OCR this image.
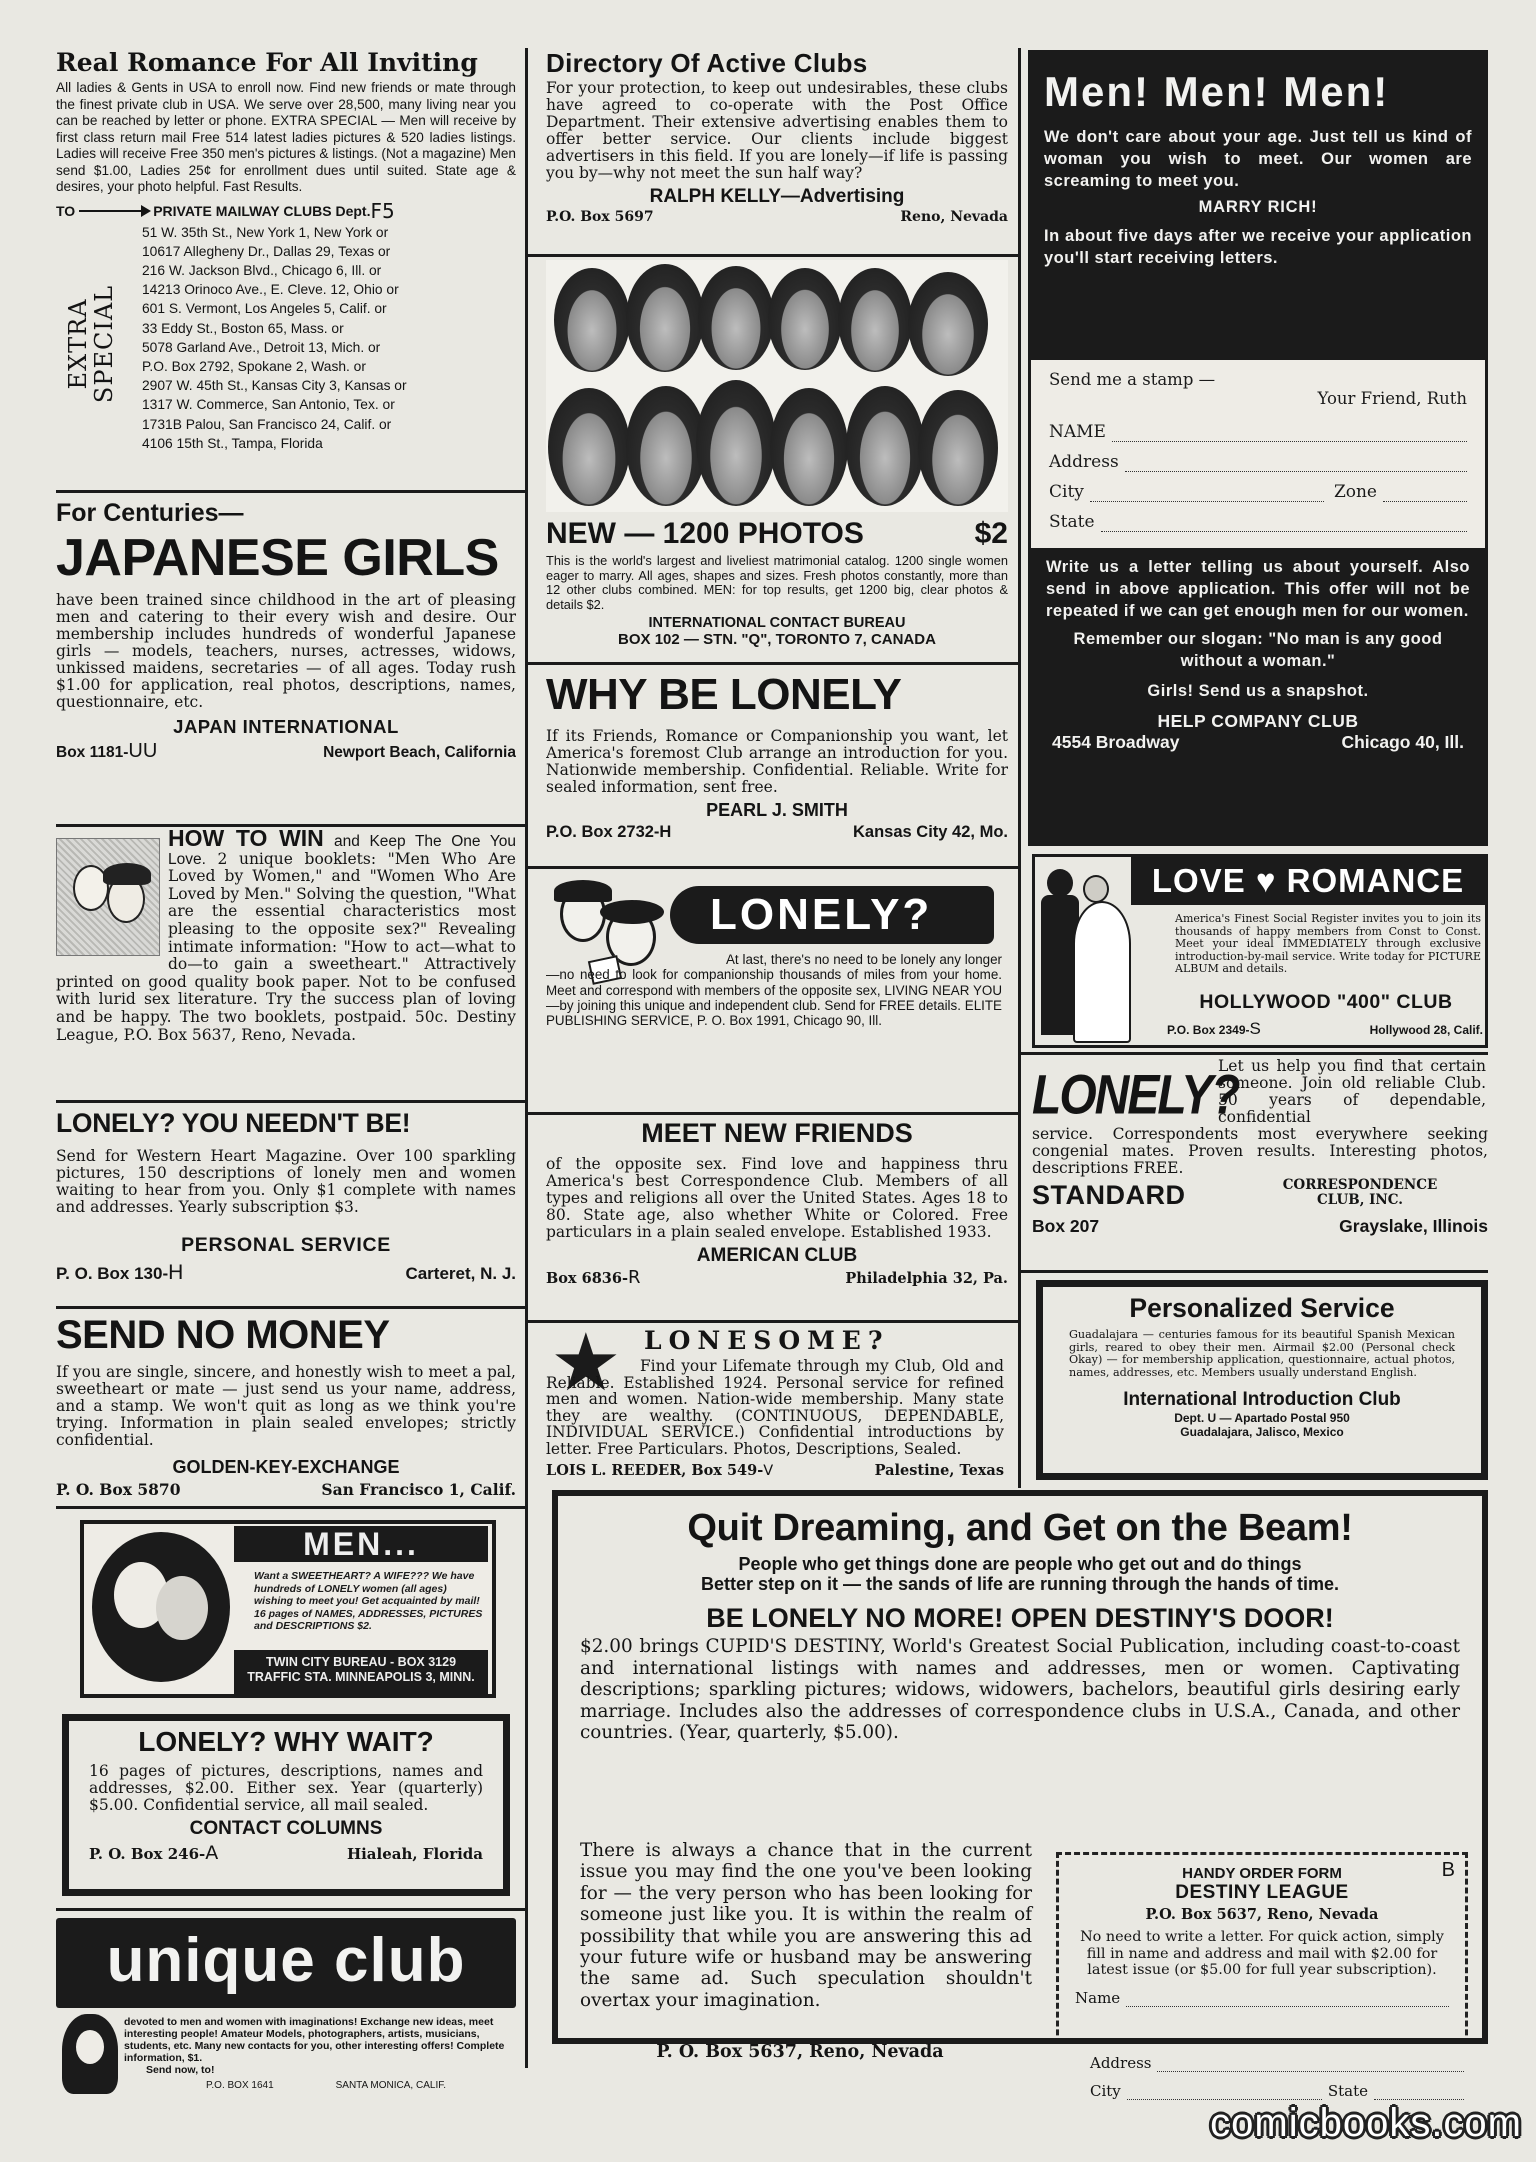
Real Romance For All Inviting
All ladies & Gents in USA to enroll now. Find new friends or mate through the finest private club in USA. We serve over 28,500, many living near you can be reached by letter or phone. EXTRA SPECIAL — Men will receive by first class return mail Free 514 latest ladies pictures & 520 ladies listings. Ladies will receive Free 350 men's pictures & listings. (Not a magazine) Men send $1.00, Ladies 25¢ for enrollment dues until suited. State age & desires, your photo helpful. Fast Results.
TO	PRIVATE MAILWAY CLUBS Dept. F5
EXTRA SPECIAL
51 W. 35th St., New York 1, New York or
10617 Allegheny Dr., Dallas 29, Texas or
216 W. Jackson Blvd., Chicago 6, Ill. or
14213 Orinoco Ave., E. Cleve. 12, Ohio or
601 S. Vermont, Los Angeles 5, Calif. or
33 Eddy St., Boston 65, Mass. or
5078 Garland Ave., Detroit 13, Mich. or
P.O. Box 2792, Spokane 2, Wash. or
2907 W. 45th St., Kansas City 3, Kansas or
1317 W. Commerce, San Antonio, Tex. or
1731B Palou, San Francisco 24, Calif. or
4106 15th St., Tampa, Florida
For Centuries—
JAPANESE GIRLS
have been trained since childhood in the art of pleasing men and catering to their every wish and desire. Our membership includes hundreds of wonderful Japanese girls — models, teachers, nurses, actresses, widows, unkissed maidens, secretaries — of all ages. Today rush $1.00 for application, real photos, descriptions, names, questionnaire, etc.
JAPAN INTERNATIONAL
Box 1181-UU	Newport Beach, California
HOW TO WIN and Keep The One You Love. 2 unique booklets: "Men Who Are Loved by Women," and "Women Who Are Loved by Men." Solving the question, "What are the essential characteristics most pleasing to the opposite sex?" Revealing intimate information: "How to act—what to do—to gain a sweetheart." Attractively printed on good quality book paper. Not to be confused with lurid sex literature. Try the success plan of loving and be happy. The two booklets, postpaid. 50c. Destiny League, P.O. Box 5637, Reno, Nevada.
LONELY? YOU NEEDN'T BE!
Send for Western Heart Magazine. Over 100 sparkling pictures, 150 descriptions of lonely men and women waiting to hear from you. Only $1 complete with names and addresses. Yearly subscription $3.
PERSONAL SERVICE
P. O. Box 130-H	Carteret, N. J.
SEND NO MONEY
If you are single, sincere, and honestly wish to meet a pal, sweetheart or mate — just send us your name, address, and a stamp. We won't quit as long as we think you're trying. Information in plain sealed envelopes; strictly confidential.
GOLDEN-KEY-EXCHANGE
P. O. Box 5870	San Francisco 1, Calif.
MEN...
Want a SWEETHEART? A WIFE??? We have hundreds of LONELY women (all ages) wishing to meet you! Get acquainted by mail! 16 pages of NAMES, ADDRESSES, PICTURES and DESCRIPTIONS $2.
TWIN CITY BUREAU - BOX 3129
TRAFFIC STA. MINNEAPOLIS 3, MINN.
LONELY? WHY WAIT?
16 pages of pictures, descriptions, names and addresses, $2.00. Either sex. Year (quarterly) $5.00. Confidential service, all mail sealed.
CONTACT COLUMNS
P. O. Box 246-A	Hialeah, Florida
unique club
devoted to men and women with imaginations! Exchange new ideas, meet interesting people! Amateur Models, photographers, artists, musicians, students, etc. Many new contacts for you, other interesting offers! Complete information, $1.
Send now, to!
P.O. BOX 1641	SANTA MONICA, CALIF.
Directory Of Active Clubs
For your protection, to keep out undesirables, these clubs have agreed to co-operate with the Post Office Department. Their extensive advertising enables them to offer better service. Our clients include biggest advertisers in this field. If you are lonely—if life is passing you by—why not meet the sun half way?
RALPH KELLY—Advertising
P.O. Box 5697	Reno, Nevada
NEW — 1200 PHOTOS	$2
This is the world's largest and liveliest matrimonial catalog. 1200 single women eager to marry. All ages, shapes and sizes. Fresh photos constantly, more than 12 other clubs combined. MEN: for top results, get 1200 big, clear photos & details $2.
INTERNATIONAL CONTACT BUREAU
BOX 102 — STN. "Q", TORONTO 7, CANADA
WHY BE LONELY
If its Friends, Romance or Companionship you want, let America's foremost Club arrange an introduction for you. Nationwide membership. Confidential. Reliable. Write for sealed information, sent free.
PEARL J. SMITH
P.O. Box 2732-H	Kansas City 42, Mo.
LONELY?
At last, there's no need to be lonely any longer—no need to look for companionship thousands of miles from your home. Meet and correspond with members of the opposite sex, LIVING NEAR YOU—by joining this unique and independent club. Send for FREE details. ELITE PUBLISHING SERVICE, P. O. Box 1991, Chicago 90, Ill.
MEET NEW FRIENDS
of the opposite sex. Find love and happiness thru America's best Correspondence Club. Members of all types and religions all over the United States. Ages 18 to 80. State age, also whether White or Colored. Free particulars in a plain sealed envelope. Established 1933.
AMERICAN CLUB
Box 6836-R	Philadelphia 32, Pa.
★ LONESOME?
Find your Lifemate through my Club, Old and Reliable. Established 1924. Personal service for refined men and women. Nation-wide membership. Many state they are wealthy. (CONTINUOUS, DEPENDABLE, INDIVIDUAL SERVICE.) Confidential introductions by letter. Free Particulars. Photos, Descriptions, Sealed.
LOIS L. REEDER, Box 549-V	Palestine, Texas
Men! Men! Men!
We don't care about your age. Just tell us kind of woman you wish to meet. Our women are screaming to meet you.
MARRY RICH!
In about five days after we receive your application you'll start receiving letters.
Send me a stamp —
Your Friend, Ruth
NAME
Address
City	Zone
State
Write us a letter telling us about yourself. Also send in above application. This offer will not be repeated if we can get enough men for our women.
Remember our slogan: "No man is any good without a woman."
Girls! Send us a snapshot.
HELP COMPANY CLUB
4554 Broadway	Chicago 40, Ill.
LOVE ♥ ROMANCE
America's Finest Social Register invites you to join its thousands of happy members from Const to Const. Meet your ideal IMMEDIATELY through exclusive introduction-by-mail service. Write today for PICTURE ALBUM and details.
HOLLYWOOD "400" CLUB
P.O. Box 2349-S	Hollywood 28, Calif.
LONELY?
Let us help you find that certain someone. Join old reliable Club. 50 years of dependable, confidential
service. Correspondents most everywhere seeking congenial mates. Proven results. Interesting photos, descriptions FREE.
STANDARD	CORRESPONDENCE
CLUB, INC.
Box 207	Grayslake, Illinois
Personalized Service
Guadalajara — centuries famous for its beautiful Spanish Mexican girls, reared to obey their men. Airmail $2.00 (Personal check Okay) — for membership application, questionnaire, actual photos, names, addresses, etc. Members usually understand English.
International Introduction Club
Dept. U — Apartado Postal 950
Guadalajara, Jalisco, Mexico
Quit Dreaming, and Get on the Beam!
People who get things done are people who get out and do things
Better step on it — the sands of life are running through the hands of time.
BE LONELY NO MORE! OPEN DESTINY'S DOOR!
$2.00 brings CUPID'S DESTINY, World's Greatest Social Publication, including coast-to-coast and international listings with names and addresses, men or women. Captivating descriptions; sparkling pictures; widows, widowers, bachelors, beautiful girls desiring early marriage. Includes also the addresses of correspondence clubs in U.S.A., Canada, and other countries. (Year, quarterly, $5.00).
There is always a chance that in the current issue you may find the one you've been looking for — the very person who has been looking for someone just like you. It is within the realm of possibility that while you are answering this ad your future wife or husband may be answering the same ad. Such speculation shouldn't overtax your imagination.
HANDY ORDER FORM	B
DESTINY LEAGUE
P.O. Box 5637, Reno, Nevada
No need to write a letter. For quick action, simply fill in name and address and mail with $2.00 for latest issue (or $5.00 for full year subscription).
Name
Address
City	State
P. O. Box 5637, Reno, Nevada
comicbooks.com
